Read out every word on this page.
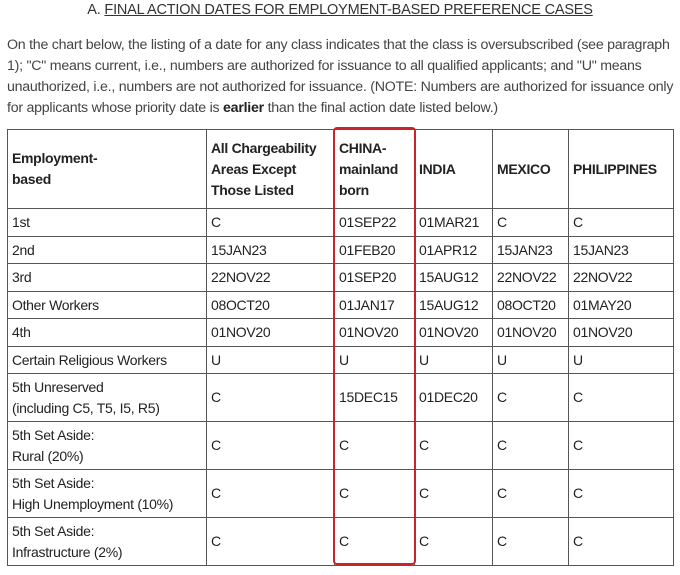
A. FINAL ACTION DATES FOR EMPLOYMENT-BASED PREFERENCE CASES

On the chart below, the listing of a date for any class indicates that the class is oversubscribed (see paragraph 1); "C" means current, i.e., numbers are authorized for issuance to all qualified applicants; and "U" means unauthorized, i.e., numbers are not authorized for issuance. (NOTE: Numbers are authorized for issuance only for applicants whose priority date is earlier than the final action date listed below.)

Employment-
based	All Chargeability
Areas Except
Those Listed	CHINA-
mainland
born	INDIA	MEXICO	PHILIPPINES

1st	C	01SEP22	01MAR21	C	C

2nd	15JAN23	01FEB20	01APR12	15JAN23	15JAN23

3rd	22NOV22	01SEP20	15AUG12	22NOV22	22NOV22

Other Workers	08OCT20	01JAN17	15AUG12	08OCT20	01MAY20

4th	01NOV20	01NOV20	01NOV20	01NOV20	01NOV20

Certain Religious Workers	U	U	U	U	U

5th Unreserved
(including C5, T5, I5, R5)	C	15DEC15	01DEC20	C	C

5th Set Aside:
Rural (20%)	C	C	C	C	C

5th Set Aside:
High Unemployment (10%)	C	C	C	C	C

5th Set Aside:
Infrastructure (2%)	C	C	C	C	C
